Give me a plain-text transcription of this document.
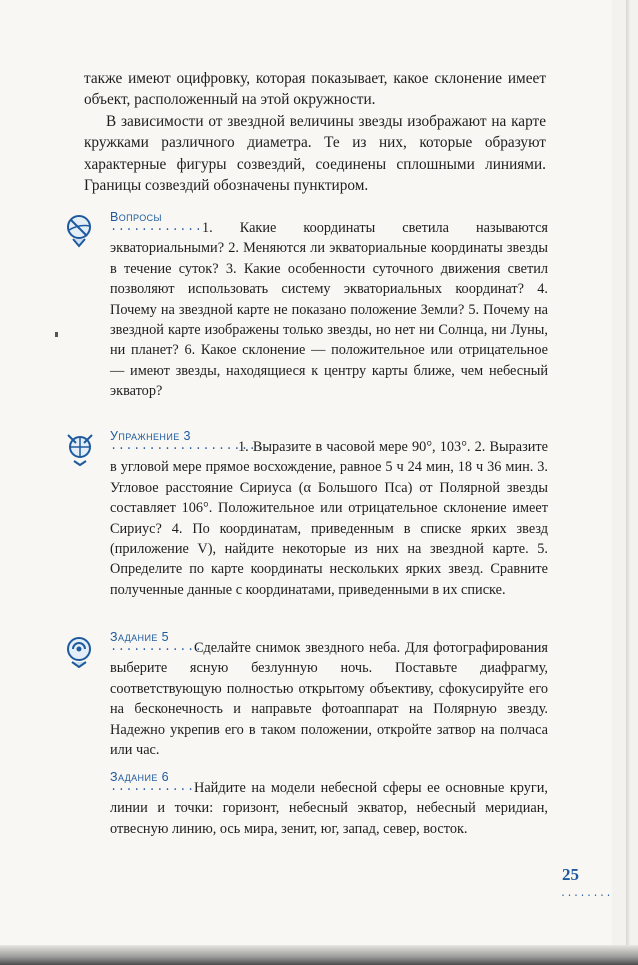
также имеют оцифровку, которая показывает, какое склонение имеет объект, расположенный на этой окружности.

В зависимости от звездной величины звезды изображают на карте кружками различного диаметра. Те из них, которые образуют характерные фигуры созвездий, соединены сплошными линиями. Границы созвездий обозначены пунктиром.

Вопросы
............ 1. Какие координаты светила называются экваториальными? 2. Меняются ли экваториальные координаты звезды в течение суток? 3. Какие особенности суточного движения светил позволяют использовать систему экваториальных координат? 4. Почему на звездной карте не показано положение Земли? 5. Почему на звездной карте изображены только звезды, но нет ни Солнца, ни Луны, ни планет? 6. Какое склонение — положительное или отрицательное — имеют звезды, находящиеся к центру карты ближе, чем небесный экватор?
Упражнение 3
.....................
1. Выразите в часовой мере 90°, 103°. 2. Выразите в угловой мере прямое восхождение, равное 5 ч 24 мин, 18 ч 36 мин. 3. Угловое расстояние Сириуса (α Большого Пса) от Полярной звезды составляет 106°. Положительное или отрицательное склонение имеет Сириус? 4. По координатам, приведенным в списке ярких звезд (приложение V), найдите некоторые из них на звездной карте. 5. Определите по карте координаты нескольких ярких звезд. Сравните полученные данные с координатами, приведенными в их списке.
Задание 5
............
Сделайте снимок звездного неба. Для фотографирования выберите ясную безлунную ночь. Поставьте диафрагму, соответствующую полностью открытому объективу, сфокусируйте его на бесконечность и направьте фотоаппарат на Полярную звезду. Надежно укрепив его в таком положении, откройте затвор на полчаса или час.
Задание 6
........... Найдите на модели небесной сферы ее основные круги, линии и точки: горизонт, небесный экватор, небесный меридиан, отвесную линию, ось мира, зенит, юг, запад, север, восток.
25
........
